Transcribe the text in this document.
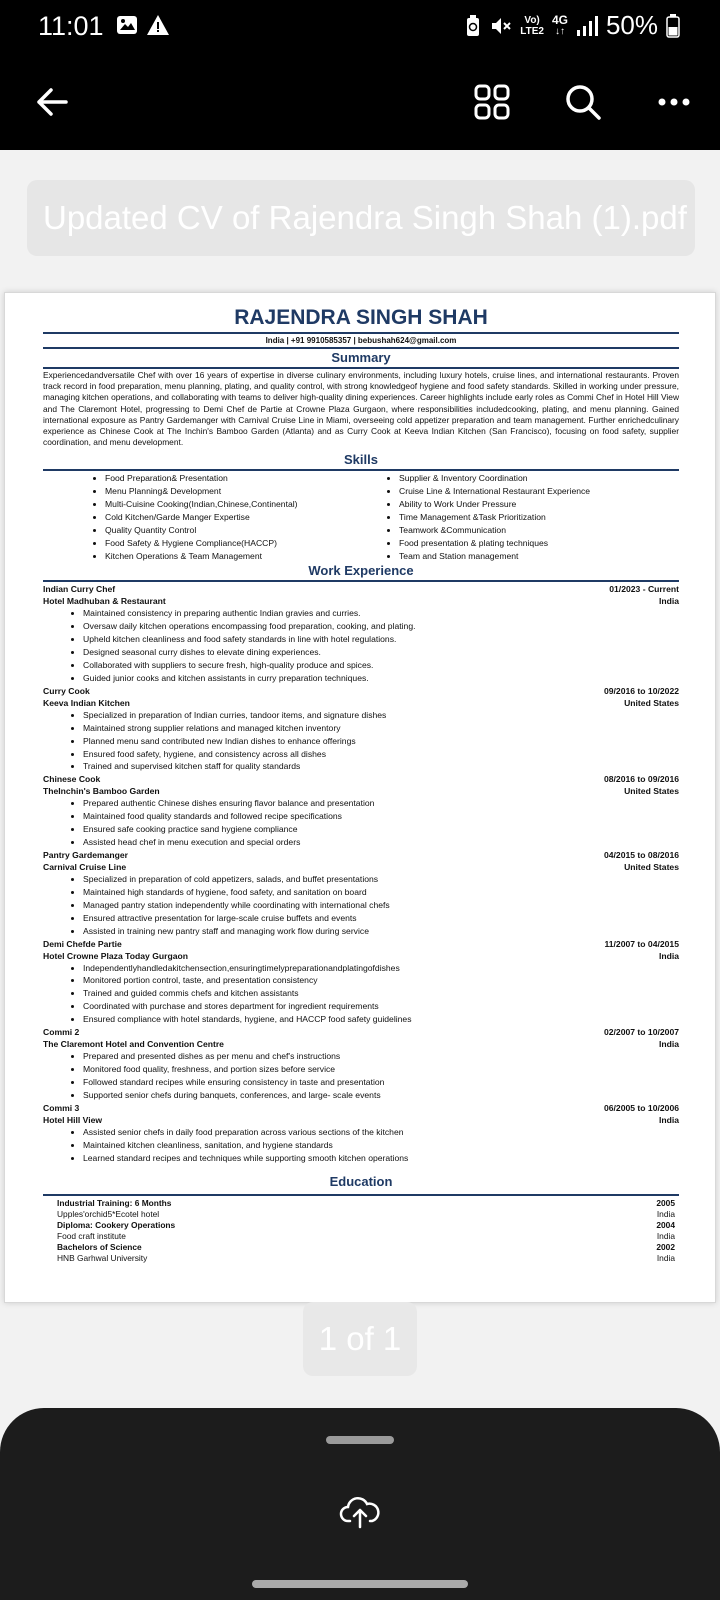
11:01	Vo)
LTE2
4G
↓↑ 50%
Updated CV of Rajendra Singh Shah (1).pdf
RAJENDRA SINGH SHAH
India | +91 9910585357 | bebushah624@gmail.com
Summary
Experiencedandversatile Chef with over 16 years of expertise in diverse culinary environments, including luxury hotels, cruise lines, and international restaurants. Proven track record in food preparation, menu planning, plating, and quality control, with strong knowledgeof hygiene and food safety standards. Skilled in working under pressure, managing kitchen operations, and collaborating with teams to deliver high-quality dining experiences. Career highlights include early roles as Commi Chef in Hotel Hill View and The Claremont Hotel, progressing to Demi Chef de Partie at Crowne Plaza Gurgaon, where responsibilities includedcooking, plating, and menu planning. Gained international exposure as Pantry Gardemanger with Carnival Cruise Line in Miami, overseeing cold appetizer preparation and team management. Further enrichedculinary experience as Chinese Cook at The Inchin's Bamboo Garden (Atlanta) and as Curry Cook at Keeva Indian Kitchen (San Francisco), focusing on food safety, supplier coordination, and menu development.
Skills
• Food Preparation& Presentation
• Menu Planning& Development
• Multi-Cuisine Cooking(Indian,Chinese,Continental)
• Cold Kitchen/Garde Manger Expertise
• Quality Quantity Control
• Food Safety & Hygiene Compliance(HACCP)
• Kitchen Operations & Team Management
• Supplier & Inventory Coordination
• Cruise Line & International Restaurant Experience
• Ability to Work Under Pressure
• Time Management &Task Prioritization
• Teamwork &Communication
• Food presentation & plating techniques
• Team and Station management
Work Experience
Indian Curry Chef	01/2023 - Current
Hotel Madhuban & Restaurant	India
• Maintained consistency in preparing authentic Indian gravies and curries.
• Oversaw daily kitchen operations encompassing food preparation, cooking, and plating.
• Upheld kitchen cleanliness and food safety standards in line with hotel regulations.
• Designed seasonal curry dishes to elevate dining experiences.
• Collaborated with suppliers to secure fresh, high-quality produce and spices.
• Guided junior cooks and kitchen assistants in curry preparation techniques.
Curry Cook	09/2016 to 10/2022
Keeva Indian Kitchen	United States
• Specialized in preparation of Indian curries, tandoor items, and signature dishes
• Maintained strong supplier relations and managed kitchen inventory
• Planned menu sand contributed new Indian dishes to enhance offerings
• Ensured food safety, hygiene, and consistency across all dishes
• Trained and supervised kitchen staff for quality standards
Chinese Cook	08/2016 to 09/2016
TheInchin's Bamboo Garden	United States
• Prepared authentic Chinese dishes ensuring flavor balance and presentation
• Maintained food quality standards and followed recipe specifications
• Ensured safe cooking practice sand hygiene compliance
• Assisted head chef in menu execution and special orders
Pantry Gardemanger	04/2015 to 08/2016
Carnival Cruise Line	United States
• Specialized in preparation of cold appetizers, salads, and buffet presentations
• Maintained high standards of hygiene, food safety, and sanitation on board
• Managed pantry station independently while coordinating with international chefs
• Ensured attractive presentation for large-scale cruise buffets and events
• Assisted in training new pantry staff and managing work flow during service
Demi Chefde Partie	11/2007 to 04/2015
Hotel Crowne Plaza Today Gurgaon	India
• Independentlyhandledakitchensection,ensuringtimelypreparationandplatingofdishes
• Monitored portion control, taste, and presentation consistency
• Trained and guided commis chefs and kitchen assistants
• Coordinated with purchase and stores department for ingredient requirements
• Ensured compliance with hotel standards, hygiene, and HACCP food safety guidelines
Commi 2	02/2007 to 10/2007
The Claremont Hotel and Convention Centre	India
• Prepared and presented dishes as per menu and chef's instructions
• Monitored food quality, freshness, and portion sizes before service
• Followed standard recipes while ensuring consistency in taste and presentation
• Supported senior chefs during banquets, conferences, and large- scale events
Commi 3	06/2005 to 10/2006
Hotel Hill View	India
• Assisted senior chefs in daily food preparation across various sections of the kitchen
• Maintained kitchen cleanliness, sanitation, and hygiene standards
• Learned standard recipes and techniques while supporting smooth kitchen operations
Education
Industrial Training: 6 Months	2005
Upples'orchid5*Ecotel hotel	India
Diploma: Cookery Operations	2004
Food craft institute	India
Bachelors of Science	2002
HNB Garhwal University	India
1 of 1
